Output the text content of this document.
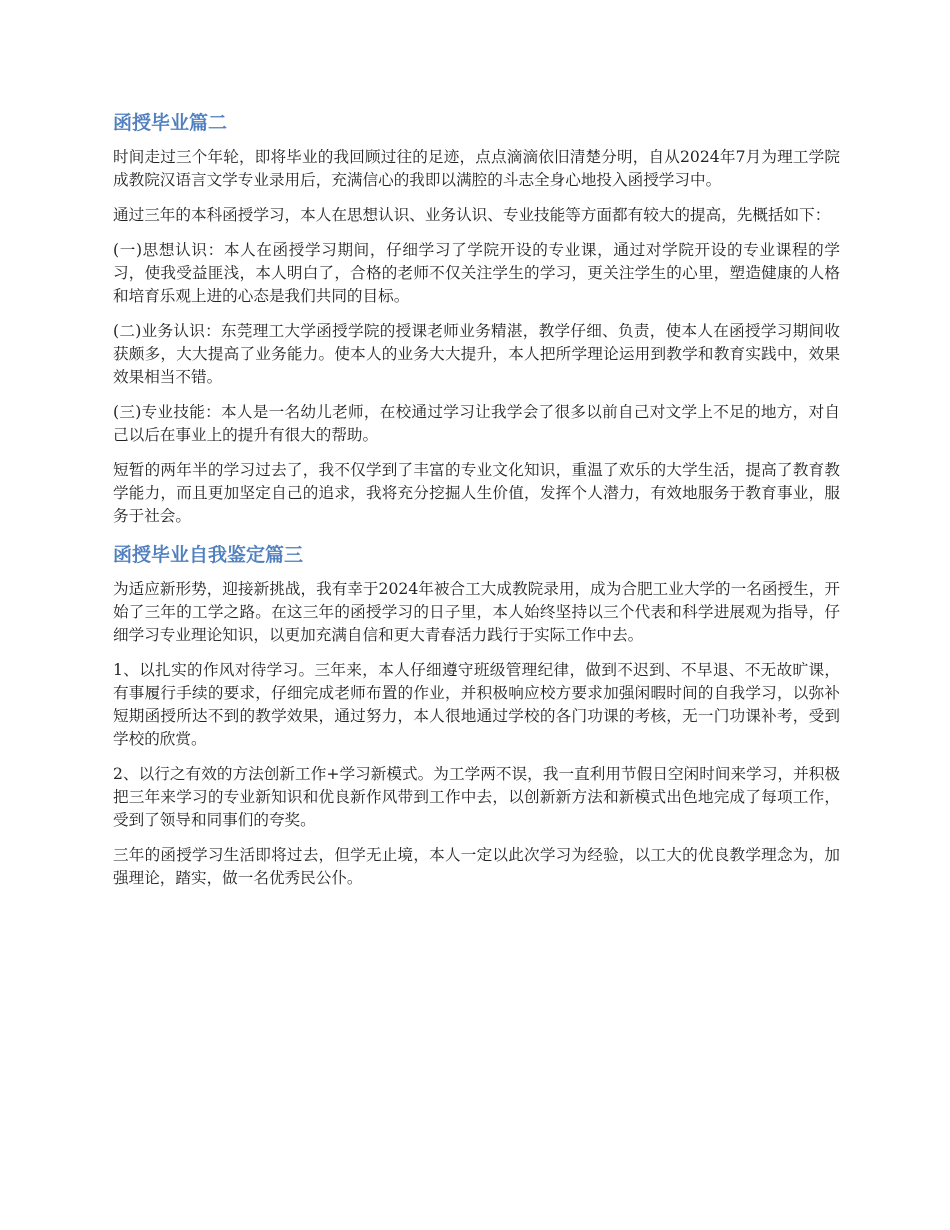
函授毕业篇二

时间走过三个年轮，即将毕业的我回顾过往的足迹，点点滴滴依旧清楚分明，自从2024年7月为理工学院成教院汉语言文学专业录用后，充满信心的我即以满腔的斗志全身心地投入函授学习中。

通过三年的本科函授学习，本人在思想认识、业务认识、专业技能等方面都有较大的提高，先概括如下：

(一)思想认识：本人在函授学习期间，仔细学习了学院开设的专业课，通过对学院开设的专业课程的学习，使我受益匪浅，本人明白了，合格的老师不仅关注学生的学习，更关注学生的心里，塑造健康的人格和培育乐观上进的心态是我们共同的目标。

(二)业务认识：东莞理工大学函授学院的授课老师业务精湛，教学仔细、负责，使本人在函授学习期间收获颇多，大大提高了业务能力。使本人的业务大大提升，本人把所学理论运用到教学和教育实践中，效果效果相当不错。

(三)专业技能：本人是一名幼儿老师，在校通过学习让我学会了很多以前自己对文学上不足的地方，对自己以后在事业上的提升有很大的帮助。

短暂的两年半的学习过去了，我不仅学到了丰富的专业文化知识，重温了欢乐的大学生活，提高了教育教学能力，而且更加坚定自己的追求，我将充分挖掘人生价值，发挥个人潜力，有效地服务于教育事业，服务于社会。

函授毕业自我鉴定篇三

为适应新形势，迎接新挑战，我有幸于2024年被合工大成教院录用，成为合肥工业大学的一名函授生，开始了三年的工学之路。在这三年的函授学习的日子里，本人始终坚持以三个代表和科学进展观为指导，仔细学习专业理论知识，以更加充满自信和更大青春活力践行于实际工作中去。

1、以扎实的作风对待学习。三年来，本人仔细遵守班级管理纪律，做到不迟到、不早退、不无故旷课，有事履行手续的要求，仔细完成老师布置的作业，并积极响应校方要求加强闲暇时间的自我学习，以弥补短期函授所达不到的教学效果，通过努力，本人很地通过学校的各门功课的考核，无一门功课补考，受到学校的欣赏。

2、以行之有效的方法创新工作+学习新模式。为工学两不误，我一直利用节假日空闲时间来学习，并积极把三年来学习的专业新知识和优良新作风带到工作中去，以创新新方法和新模式出色地完成了每项工作，受到了领导和同事们的夸奖。

三年的函授学习生活即将过去，但学无止境，本人一定以此次学习为经验，以工大的优良教学理念为，加强理论，踏实，做一名优秀民公仆。
